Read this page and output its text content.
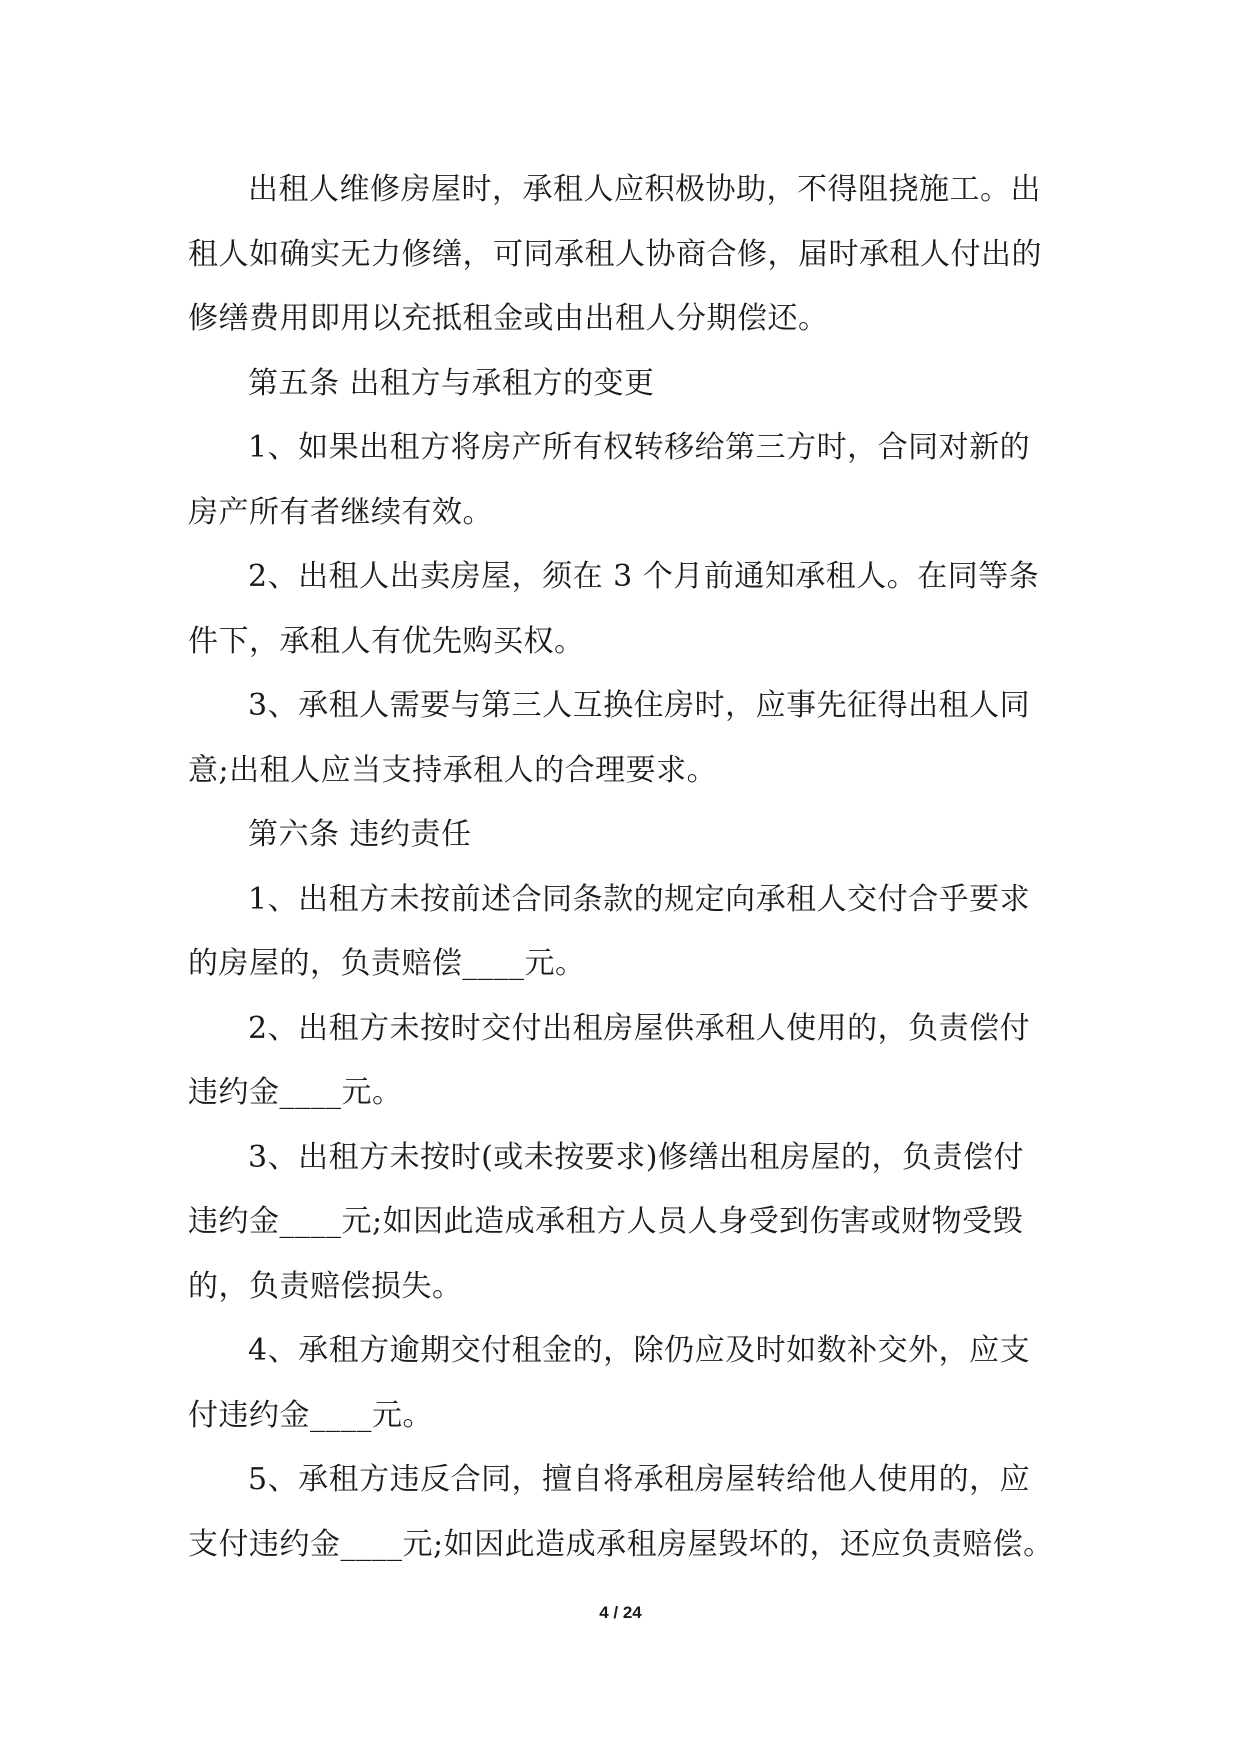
出租人维修房屋时，承租人应积极协助，不得阻挠施工。出
租人如确实无力修缮，可同承租人协商合修，届时承租人付出的
修缮费用即用以充抵租金或由出租人分期偿还。

第五条 出租方与承租方的变更

1、如果出租方将房产所有权转移给第三方时，合同对新的
房产所有者继续有效。

2、出租人出卖房屋，须在 3 个月前通知承租人。在同等条
件下，承租人有优先购买权。

3、承租人需要与第三人互换住房时，应事先征得出租人同
意;出租人应当支持承租人的合理要求。

第六条 违约责任

1、出租方未按前述合同条款的规定向承租人交付合乎要求
的房屋的，负责赔偿____元。

2、出租方未按时交付出租房屋供承租人使用的，负责偿付
违约金____元。

3、出租方未按时(或未按要求)修缮出租房屋的，负责偿付
违约金____元;如因此造成承租方人员人身受到伤害或财物受毁
的，负责赔偿损失。

4、承租方逾期交付租金的，除仍应及时如数补交外，应支
付违约金____元。

5、承租方违反合同，擅自将承租房屋转给他人使用的，应
支付违约金____元;如因此造成承租房屋毁坏的，还应负责赔偿。

4 / 24
